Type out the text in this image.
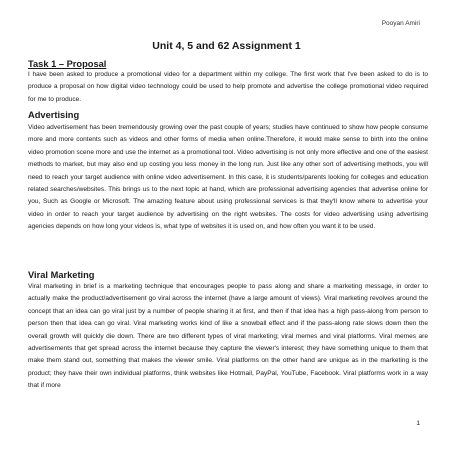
Pooyan Amiri
Unit 4, 5 and 62 Assignment 1
Task 1 – Proposal

I have been asked to produce a promotional video for a department within my college. The first work that I've been asked to do is to produce a proposal on how digital video technology could be used to help promote and advertise the college promotional video required for me to produce.

Advertising

Video advertisement has been tremendously growing over the past couple of years; studies have continued to show how people consume more and more contents such as videos and other forms of media when online.Therefore, it would make sense to birth into the online video promotion scene more and use the internet as a promotional tool. Video advertising is not only more effective and one of the easiest methods to market, but may also end up costing you less money in the long run. Just like any other sort of advertising methods, you will need to reach your target audience with online video advertisement. In this case, it is students/parents looking for colleges and education related searches/websites. This brings us to the next topic at hand, which are professional advertising agencies that advertise online for you, Such as Google or Microsoft. The amazing feature about using professional services is that they'll know where to advertise your video in order to reach your target audience by advertising on the right websites. The costs for video advertising using advertising agencies depends on how long your videos is, what type of websites it is used on, and how often you want it to be used.

Viral Marketing

Viral marketing in brief is a marketing technique that encourages people to pass along and share a marketing message, in order to actually make the product/advertisement go viral across the internet (have a large amount of views). Viral marketing revolves around the concept that an idea can go viral just by a number of people sharing it at first, and then if that idea has a high pass-along from person to person then that idea can go viral. Viral marketing works kind of like a snowball effect and if the pass-along rate slows down then the overall growth will quickly die down. There are two different types of viral marketing; viral memes and viral platforms. Viral memes are advertisements that get spread across the internet because they capture the viewer's interest; they have something unique to them that make them stand out, something that makes the viewer smile. Viral platforms on the other hand are unique as in the marketing is the product; they have their own individual platforms, think websites like Hotmail, PayPal, YouTube, Facebook. Viral platforms work in a way that if more

1
